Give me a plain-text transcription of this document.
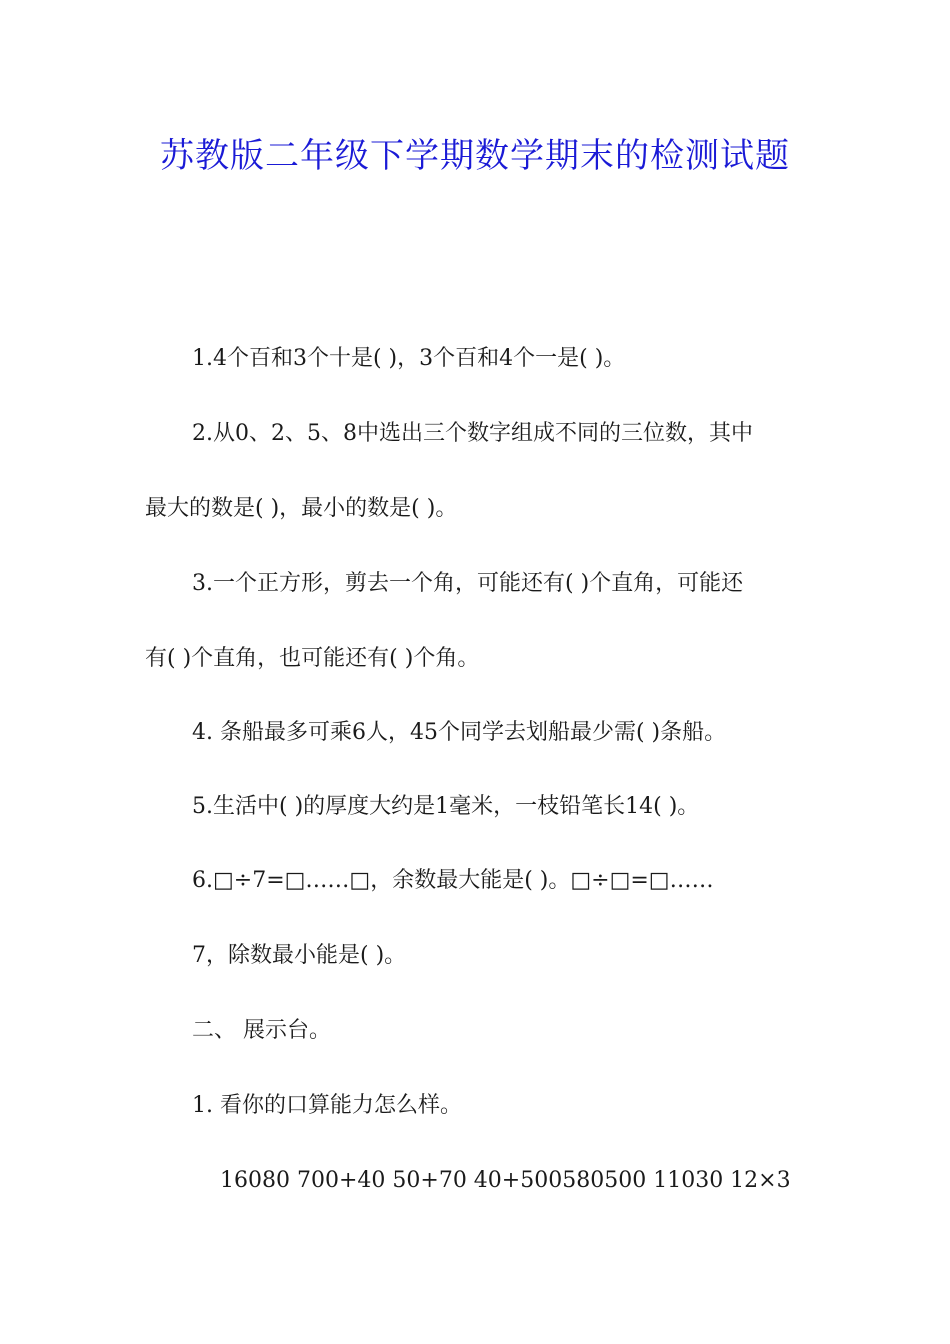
苏教版二年级下学期数学期末的检测试题

1.4个百和3个十是( )，3个百和4个一是( )。

2.从0、2、5、8中选出三个数字组成不同的三位数，其中

最大的数是( )，最小的数是( )。

3.一个正方形，剪去一个角，可能还有( )个直角，可能还

有( )个直角，也可能还有( )个角。

4. 条船最多可乘6人，45个同学去划船最少需( )条船。

5.生活中( )的厚度大约是1毫米，一枝铅笔长14( )。

6.□÷7=□……□，余数最大能是( )。□÷□=□……

7，除数最小能是( )。

二、 展示台。

1. 看你的口算能力怎么样。

16080 700+40 50+70 40+500580500 11030 12×3
